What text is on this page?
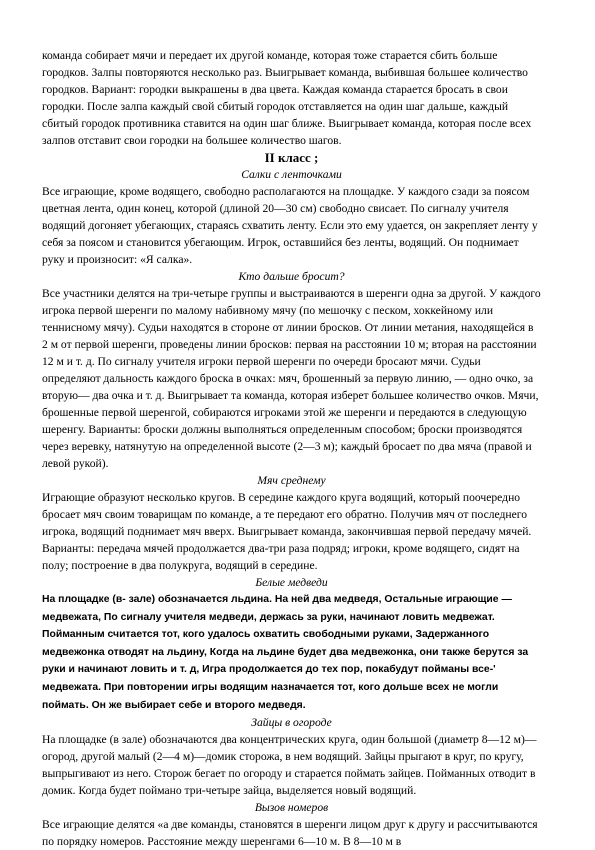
команда собирает мячи и передает их другой команде, которая тоже старается сбить больше городков. Залпы повторяются несколько раз. Выигрывает команда, выбившая большее количество городков. Вариант: городки выкрашены в два цвета. Каждая команда старается бросать в свои городки. После залпа каждый свой сбитый городок отставляется на один шаг дальше, каждый сбитый городок противника ставится на один шаг ближе. Выигрывает команда, которая после всех залпов отставит свои городки на большее количество шагов.

II класс ;

Салки с ленточками

Все играющие, кроме водящего, свободно располагаются на площадке. У каждого сзади за поясом цветная лента, один конец, которой (длиной 20—30 см) свободно свисает. По сигналу учителя водящий догоняет убегающих, стараясь схватить ленту. Если это ему удается, он закрепляет ленту у себя за поясом и становится убегающим. Игрок, оставшийся без ленты, водящий. Он поднимает руку и произносит: «Я салка».

Кто дальше бросит?

Все участники делятся на три-четыре группы и выстраиваются в шеренги одна за другой. У каждого игрока первой шеренги по малому набивному мячу (по мешочку с песком, хоккейному или теннисному мячу). Судьи находятся в стороне от линии бросков. От линии метания, находящейся в 2 м от первой шеренги, проведены линии бросков: первая на расстоянии 10 м; вторая на расстоянии 12 м и т. д. По сигналу учителя игроки первой шеренги по очереди бросают мячи. Судьи определяют дальность каждого броска в очках: мяч, брошенный за первую линию, — одно очко, за вторую— два очка и т. д. Выигрывает та команда, которая изберет большее количество очков. Мячи, брошенные первой шеренгой, собираются игроками этой же шеренги и передаются в следующую шеренгу. Варианты: броски должны выполняться определенным способом; броски производятся через веревку, натянутую на определенной высоте (2—3 м); каждый бросает по два мяча (правой и левой рукой).

Мяч среднему

Играющие образуют несколько кругов. В середине каждого круга водящий, который поочередно бросает мяч своим товарищам по команде, а те передают его обратно. Получив мяч от последнего игрока, водящий поднимает мяч вверх. Выигрывает команда, закончившая первой передачу мячей.

Варианты: передача мячей продолжается два-три раза подряд; игроки, кроме водящего, сидят на полу; построение в два полукруга, водящий в середине.

Белые медведи

На площадке (в- зале) обозначается льдина. На ней два медведя, Остальные играющие — медвежата, По сигналу учителя медведи, держась за руки, начинают ловить медвежат. Пойманным считается тот, кого удалось охватить свободными руками, Задержанного медвежонка отводят на льдину, Когда на льдине будет два медвежонка, они также берутся за руки и начинают ловить и т. д, Игра продолжается до тех пор, покабудут пойманы все-' медвежата. При повторении игры водящим назначается тот, кого дольше всех не могли поймать. Он же выбирает себе и второго медведя.

Зайцы в огороде

На площадке (в зале) обозначаются два концентрических круга, один большой (диаметр 8—12 м)—огород, другой малый (2—4 м)—домик сторожа, в нем водящий. Зайцы прыгают в круг, по кругу, выпрыгивают из него. Сторож бегает по огороду и старается поймать зайцев. Пойманных отводит в домик. Когда будет поймано три-четыре зайца, выделяется новый водящий.

Вызов номеров

Все играющие делятся «а две команды, становятся в шеренги лицом друг к другу и рассчитываются по порядку номеров. Расстояние между шеренгами 6—10 м. В 8—10 м в
